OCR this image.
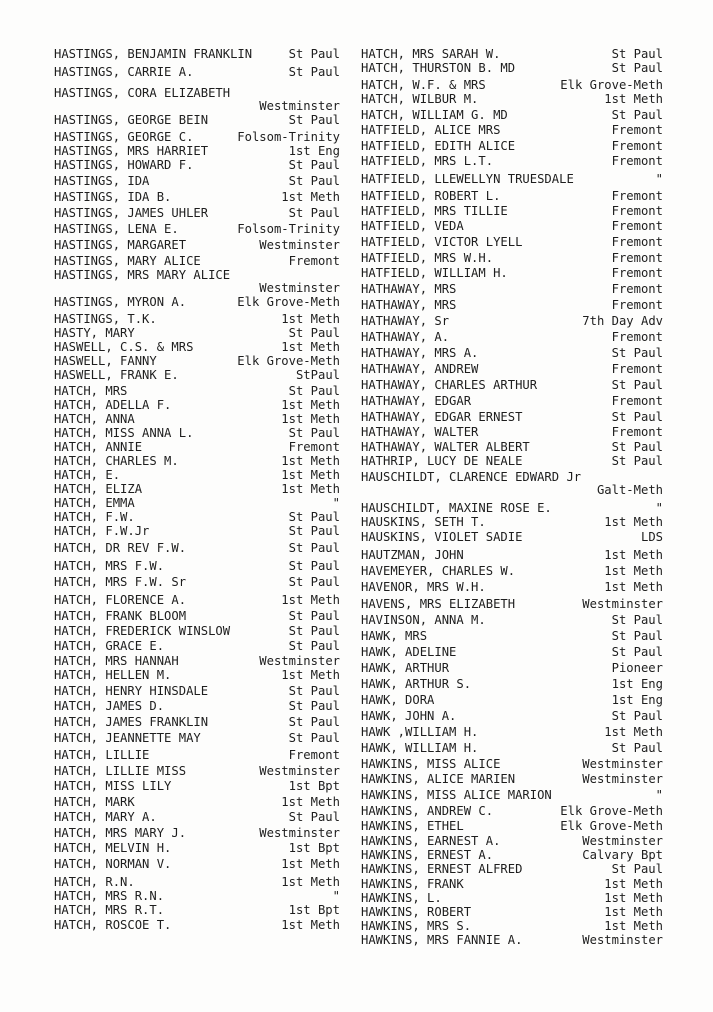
HASTINGS, BENJAMIN FRANKLIN	St Paul
HASTINGS, CARRIE A.	St Paul
HASTINGS, CORA ELIZABETH
Westminster
HASTINGS, GEORGE BEIN	St Paul
HASTINGS, GEORGE C.	Folsom-Trinity
HASTINGS, MRS HARRIET	1st Eng
HASTINGS, HOWARD F.	St Paul
HASTINGS, IDA	St Paul
HASTINGS, IDA B.	1st Meth
HASTINGS, JAMES UHLER	St Paul
HASTINGS, LENA E.	Folsom-Trinity
HASTINGS, MARGARET	Westminster
HASTINGS, MARY ALICE	Fremont
HASTINGS, MRS MARY ALICE
Westminster
HASTINGS, MYRON A.	Elk Grove-Meth
HASTINGS, T.K.	1st Meth
HASTY, MARY	St Paul
HASWELL, C.S. & MRS	1st Meth
HASWELL, FANNY	Elk Grove-Meth
HASWELL, FRANK E.	StPaul
HATCH, MRS	St Paul
HATCH, ADELLA F.	1st Meth
HATCH, ANNA	1st Meth
HATCH, MISS ANNA L.	St Paul
HATCH, ANNIE	Fremont
HATCH, CHARLES M.	1st Meth
HATCH, E.	1st Meth
HATCH, ELIZA	1st Meth
HATCH, EMMA	"
HATCH, F.W.	St Paul
HATCH, F.W.Jr	St Paul
HATCH, DR REV F.W.	St Paul
HATCH, MRS F.W.	St Paul
HATCH, MRS F.W. Sr	St Paul
HATCH, FLORENCE A.	1st Meth
HATCH, FRANK BLOOM	St Paul
HATCH, FREDERICK WINSLOW	St Paul
HATCH, GRACE E.	St Paul
HATCH, MRS HANNAH	Westminster
HATCH, HELLEN M.	1st Meth
HATCH, HENRY HINSDALE	St Paul
HATCH, JAMES D.	St Paul
HATCH, JAMES FRANKLIN	St Paul
HATCH, JEANNETTE MAY	St Paul
HATCH, LILLIE	Fremont
HATCH, LILLIE MISS	Westminster
HATCH, MISS LILY	1st Bpt
HATCH, MARK	1st Meth
HATCH, MARY A.	St Paul
HATCH, MRS MARY J.	Westminster
HATCH, MELVIN H.	1st Bpt
HATCH, NORMAN V.	1st Meth
HATCH, R.N.	1st Meth
HATCH, MRS R.N.	"
HATCH, MRS R.T.	1st Bpt
HATCH, ROSCOE T.	1st Meth
HATCH, MRS SARAH W.	St Paul
HATCH, THURSTON B. MD	St Paul
HATCH, W.F. & MRS	Elk Grove-Meth
HATCH, WILBUR M.	1st Meth
HATCH, WILLIAM G. MD	St Paul
HATFIELD, ALICE MRS	Fremont
HATFIELD, EDITH ALICE	Fremont
HATFIELD, MRS L.T.	Fremont
HATFIELD, LLEWELLYN TRUESDALE	"
HATFIELD, ROBERT L.	Fremont
HATFIELD, MRS TILLIE	Fremont
HATFIELD, VEDA	Fremont
HATFIELD, VICTOR LYELL	Fremont
HATFIELD, MRS W.H.	Fremont
HATFIELD, WILLIAM H.	Fremont
HATHAWAY, MRS	Fremont
HATHAWAY, MRS	Fremont
HATHAWAY, Sr	7th Day Adv
HATHAWAY, A.	Fremont
HATHAWAY, MRS A.	St Paul
HATHAWAY, ANDREW	Fremont
HATHAWAY, CHARLES ARTHUR	St Paul
HATHAWAY, EDGAR	Fremont
HATHAWAY, EDGAR ERNEST	St Paul
HATHAWAY, WALTER	Fremont
HATHAWAY, WALTER ALBERT	St Paul
HATHRIP, LUCY DE NEALE	St Paul
HAUSCHILDT, CLARENCE EDWARD Jr
Galt-Meth
HAUSCHILDT, MAXINE ROSE E.	"
HAUSKINS, SETH T.	1st Meth
HAUSKINS, VIOLET SADIE	LDS
HAUTZMAN, JOHN	1st Meth
HAVEMEYER, CHARLES W.	1st Meth
HAVENOR, MRS W.H.	1st Meth
HAVENS, MRS ELIZABETH	Westminster
HAVINSON, ANNA M.	St Paul
HAWK, MRS	St Paul
HAWK, ADELINE	St Paul
HAWK, ARTHUR	Pioneer
HAWK, ARTHUR S.	1st Eng
HAWK, DORA	1st Eng
HAWK, JOHN A.	St Paul
HAWK ,WILLIAM H.	1st Meth
HAWK, WILLIAM H.	St Paul
HAWKINS, MISS ALICE	Westminster
HAWKINS, ALICE MARIEN	Westminster
HAWKINS, MISS ALICE MARION	"
HAWKINS, ANDREW C.	Elk Grove-Meth
HAWKINS, ETHEL	Elk Grove-Meth
HAWKINS, EARNEST A.	Westminster
HAWKINS, ERNEST A.	Calvary Bpt
HAWKINS, ERNEST ALFRED	St Paul
HAWKINS, FRANK	1st Meth
HAWKINS, L.	1st Meth
HAWKINS, ROBERT	1st Meth
HAWKINS, MRS S.	1st Meth
HAWKINS, MRS FANNIE A.	Westminster
